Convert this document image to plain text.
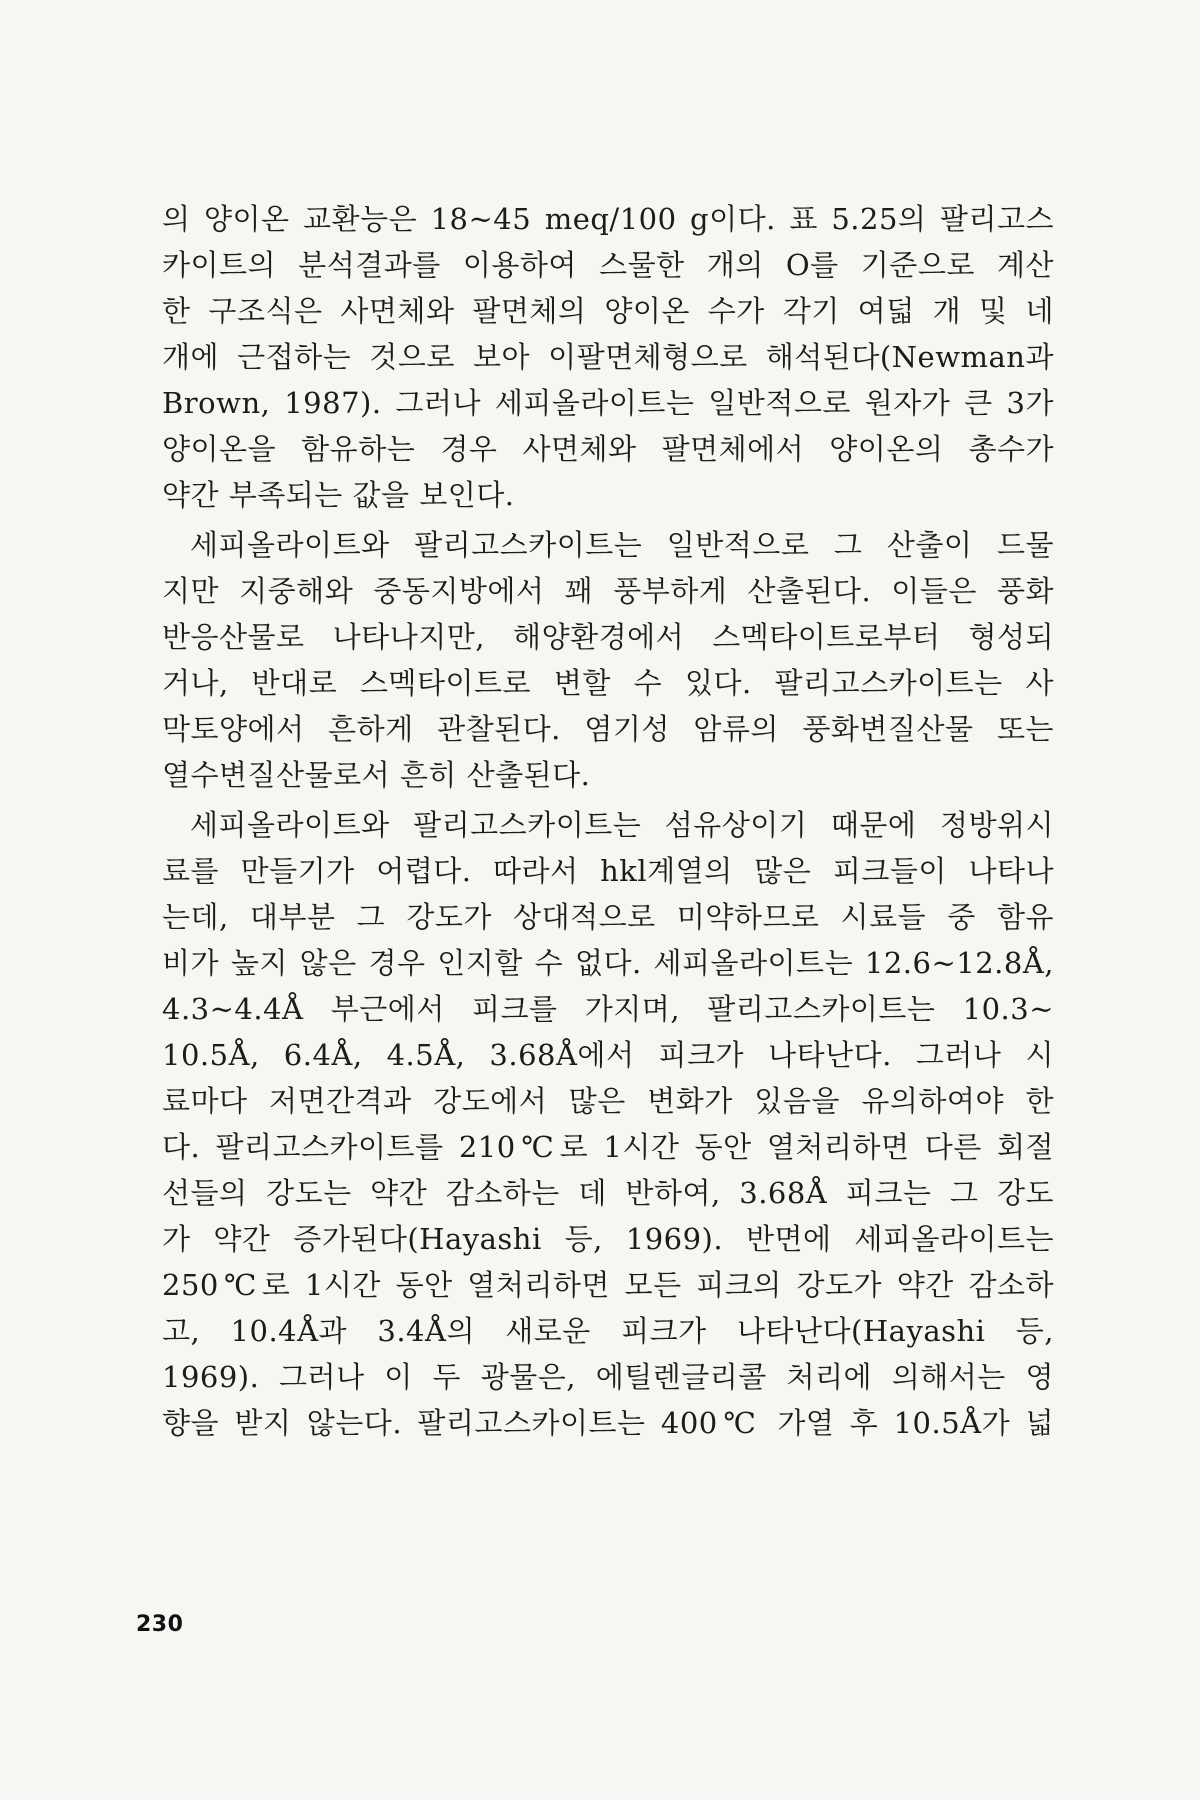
의 양이온 교환능은 18~45 meq/100 g이다. 표 5.25의 팔리고스
카이트의 분석결과를 이용하여 스물한 개의 O를 기준으로 계산
한 구조식은 사면체와 팔면체의 양이온 수가 각기 여덟 개 및 네
개에 근접하는 것으로 보아 이팔면체형으로 해석된다(Newman과
Brown, 1987). 그러나 세피올라이트는 일반적으로 원자가 큰 3가
양이온을 함유하는 경우 사면체와 팔면체에서 양이온의 총수가
약간 부족되는 값을 보인다.
세피올라이트와 팔리고스카이트는 일반적으로 그 산출이 드물
지만 지중해와 중동지방에서 꽤 풍부하게 산출된다. 이들은 풍화
반응산물로 나타나지만, 해양환경에서 스멕타이트로부터 형성되
거나, 반대로 스멕타이트로 변할 수 있다. 팔리고스카이트는 사
막토양에서 흔하게 관찰된다. 염기성 암류의 풍화변질산물 또는
열수변질산물로서 흔히 산출된다.
세피올라이트와 팔리고스카이트는 섬유상이기 때문에 정방위시
료를 만들기가 어렵다. 따라서 hkl계열의 많은 피크들이 나타나
는데, 대부분 그 강도가 상대적으로 미약하므로 시료들 중 함유
비가 높지 않은 경우 인지할 수 없다. 세피올라이트는 12.6~12.8Å,
4.3~4.4Å 부근에서 피크를 가지며, 팔리고스카이트는 10.3~
10.5Å, 6.4Å, 4.5Å, 3.68Å에서 피크가 나타난다. 그러나 시
료마다 저면간격과 강도에서 많은 변화가 있음을 유의하여야 한
다. 팔리고스카이트를 210℃로 1시간 동안 열처리하면 다른 회절
선들의 강도는 약간 감소하는 데 반하여, 3.68Å 피크는 그 강도
가 약간 증가된다(Hayashi 등, 1969). 반면에 세피올라이트는
250℃로 1시간 동안 열처리하면 모든 피크의 강도가 약간 감소하
고, 10.4Å과 3.4Å의 새로운 피크가 나타난다(Hayashi 등,
1969). 그러나 이 두 광물은, 에틸렌글리콜 처리에 의해서는 영
향을 받지 않는다. 팔리고스카이트는 400℃ 가열 후 10.5Å가 넓
230
